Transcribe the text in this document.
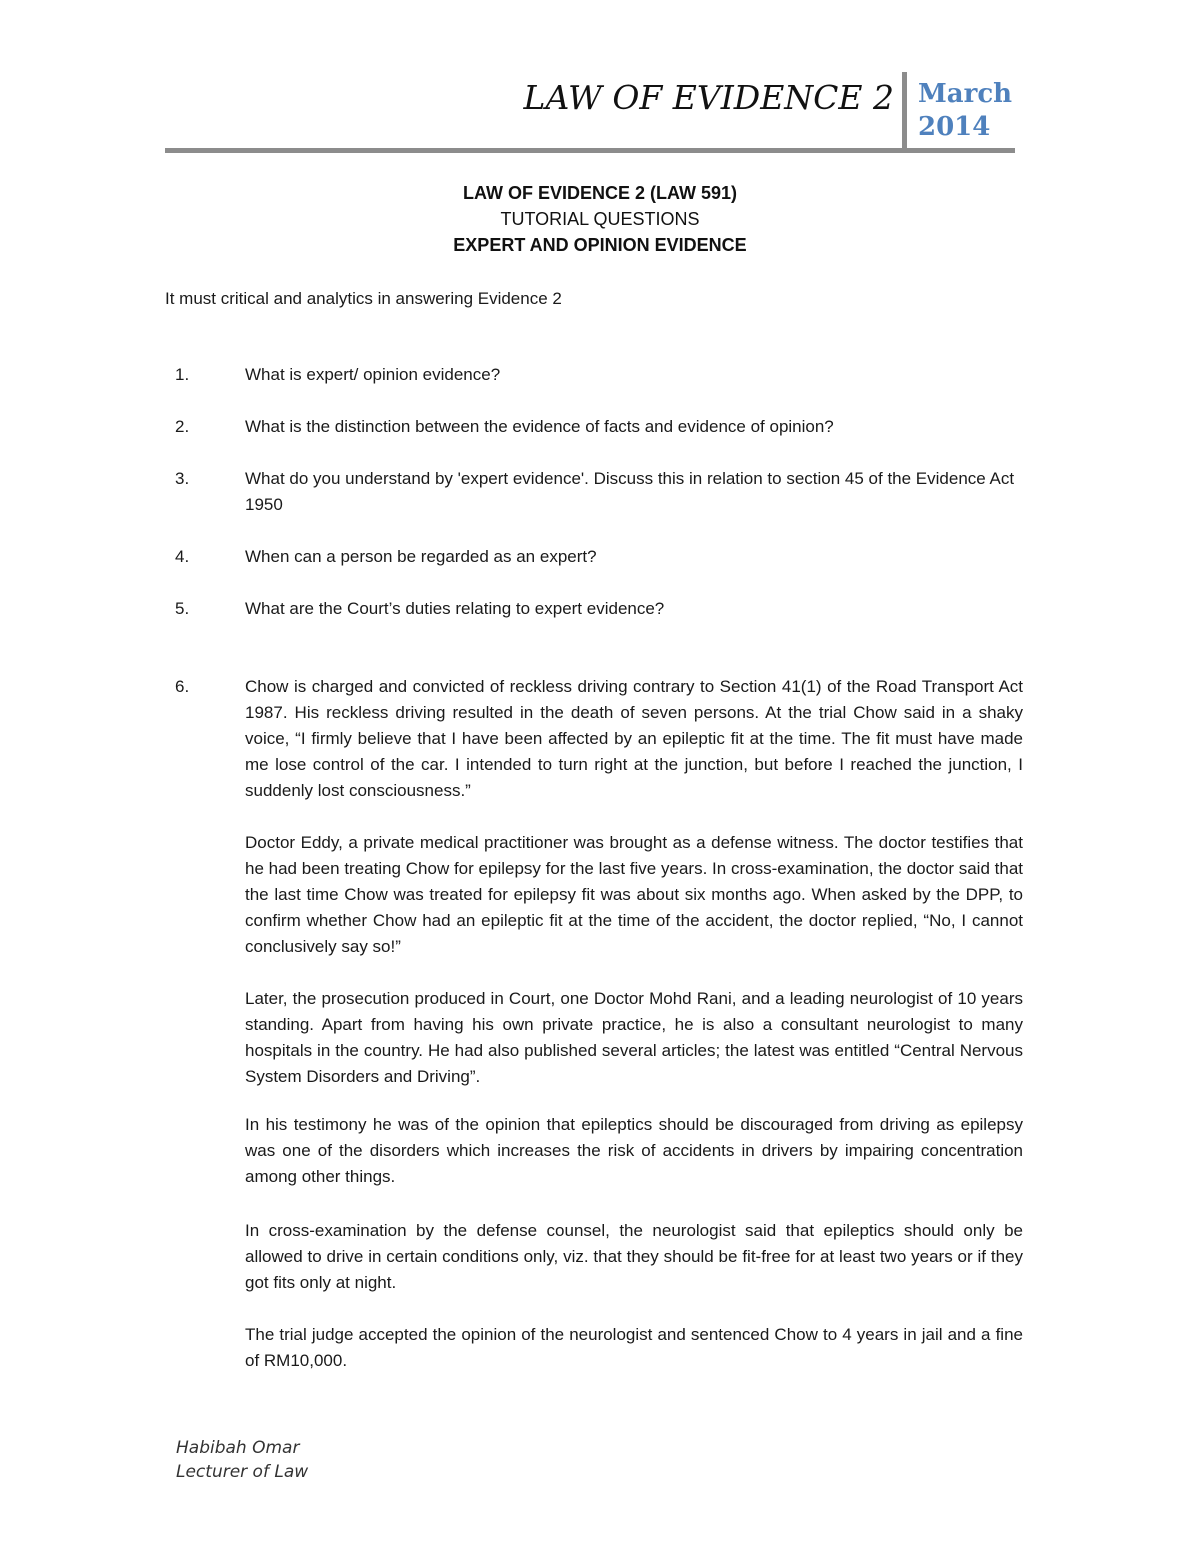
LAW OF EVIDENCE 2 March
2014
LAW OF EVIDENCE 2 (LAW 591)
TUTORIAL QUESTIONS
EXPERT AND OPINION EVIDENCE
It must critical and analytics in answering Evidence 2
1.	What is expert/ opinion evidence?
2.	What is the distinction between the evidence of facts and evidence of opinion?
3.	What do you understand by 'expert evidence'. Discuss this in relation to section 45 of the Evidence Act 1950
4.	When can a person be regarded as an expert?
5.	What are the Court’s duties relating to expert evidence?
6.	Chow is charged and convicted of reckless driving contrary to Section 41(1) of the Road Transport Act 1987. His reckless driving resulted in the death of seven persons. At the trial Chow said in a shaky voice, “I firmly believe that I have been affected by an epileptic fit at the time. The fit must have made me lose control of the car. I intended to turn right at the junction, but before I reached the junction, I suddenly lost consciousness.”
Doctor Eddy, a private medical practitioner was brought as a defense witness. The doctor testifies that he had been treating Chow for epilepsy for the last five years. In cross-examination, the doctor said that the last time Chow was treated for epilepsy fit was about six months ago. When asked by the DPP, to confirm whether Chow had an epileptic fit at the time of the accident, the doctor replied, “No, I cannot conclusively say so!”
Later, the prosecution produced in Court, one Doctor Mohd Rani, and a leading neurologist of 10 years standing. Apart from having his own private practice, he is also a consultant neurologist to many hospitals in the country. He had also published several articles; the latest was entitled “Central Nervous System Disorders and Driving”.
In his testimony he was of the opinion that epileptics should be discouraged from driving as epilepsy was one of the disorders which increases the risk of accidents in drivers by impairing concentration among other things.
In cross-examination by the defense counsel, the neurologist said that epileptics should only be allowed to drive in certain conditions only, viz. that they should be fit-free for at least two years or if they got fits only at night.
The trial judge accepted the opinion of the neurologist and sentenced Chow to 4 years in jail and a fine of RM10,000.
Habibah Omar
Lecturer of Law
